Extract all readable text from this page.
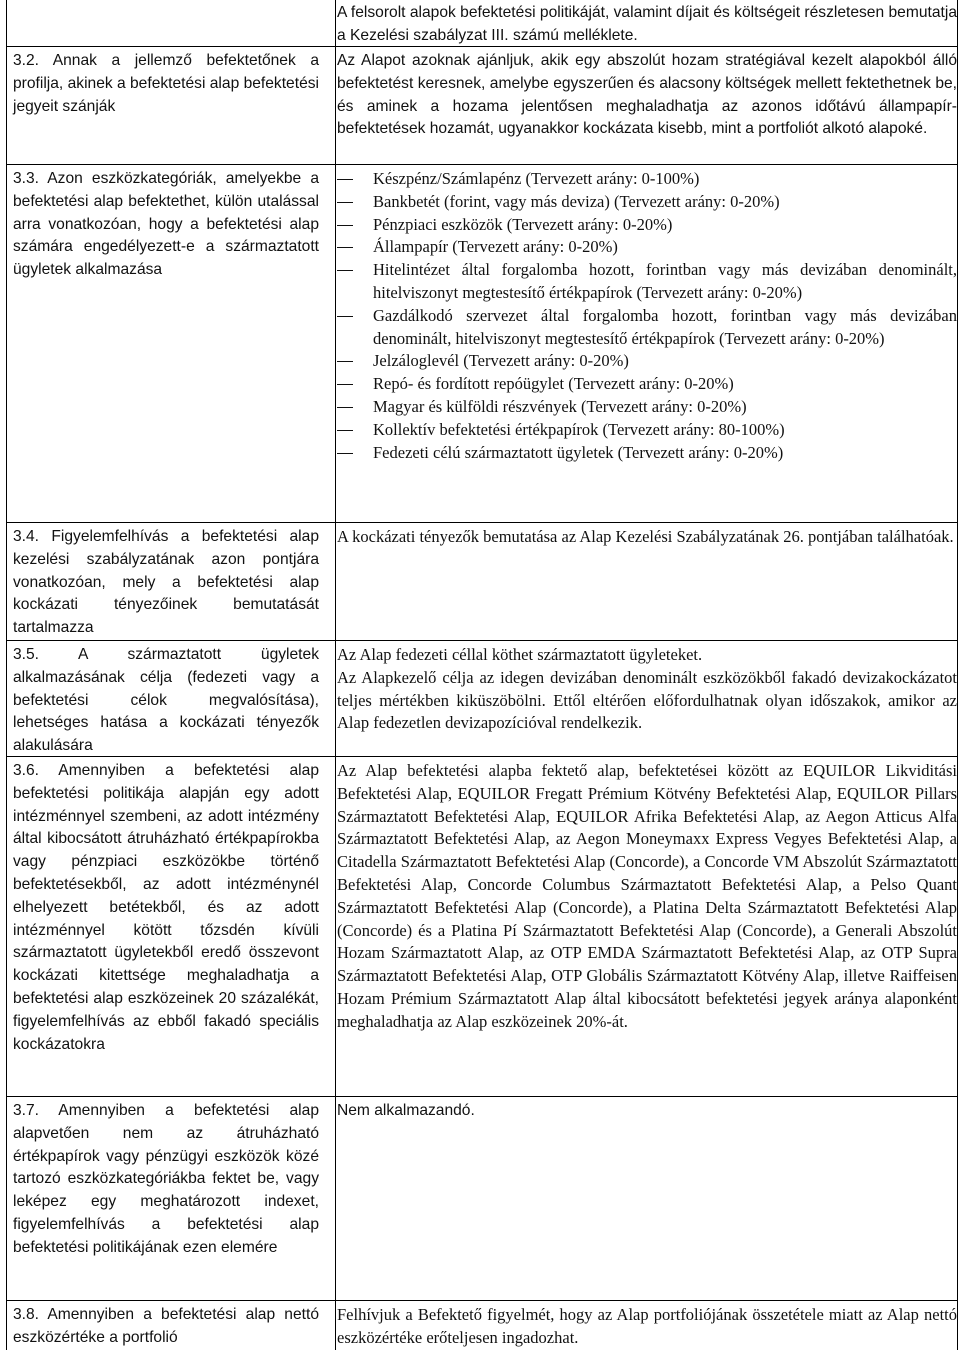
A felsorolt alapok befektetési politikáját, valamint díjait és költségeit részletesen bemutatja a Kezelési szabályzat III. számú melléklete.

3.2. Annak a jellemző befektetőnek a profilja, akinek a befektetési alap befektetési jegyeit szánják

Az Alapot azoknak ajánljuk, akik egy abszolút hozam stratégiával kezelt alapokból álló befektetést keresnek, amelybe egyszerűen és alacsony költségek mellett fektethetnek be, és aminek a hozama jelentősen meghaladhatja az azonos időtávú állampapír-befektetések hozamát, ugyanakkor kockázata kisebb, mint a portfoliót alkotó alapoké.

3.3. Azon eszközkategóriák, amelyekbe a befektetési alap befektethet, külön utalással arra vonatkozóan, hogy a befektetési alap számára engedélyezett-e a származtatott ügyletek alkalmazása
Készpénz/Számlapénz (Tervezett arány: 0-100%)
Bankbetét (forint, vagy más deviza) (Tervezett arány: 0-20%)
Pénzpiaci eszközök (Tervezett arány: 0-20%)
Állampapír (Tervezett arány: 0-20%)
Hitelintézet által forgalomba hozott, forintban vagy más devizában denominált, hitelviszonyt megtestesítő értékpapírok (Tervezett arány: 0-20%)
Gazdálkodó szervezet által forgalomba hozott, forintban vagy más devizában denominált, hitelviszonyt megtestesítő értékpapírok (Tervezett arány: 0-20%)
Jelzáloglevél (Tervezett arány: 0-20%)
Repó- és fordított repóügylet (Tervezett arány: 0-20%)
Magyar és külföldi részvények (Tervezett arány: 0-20%)
Kollektív befektetési értékpapírok (Tervezett arány: 80-100%)
Fedezeti célú származtatott ügyletek (Tervezett arány: 0-20%)
3.4. Figyelemfelhívás a befektetési alap kezelési szabályzatának azon pontjára vonatkozóan, mely a befektetési alap kockázati tényezőinek bemutatását tartalmazza

A kockázati tényezők bemutatása az Alap Kezelési Szabályzatának 26. pontjában találhatóak.

3.5. A származtatott ügyletek alkalmazásának célja (fedezeti vagy a befektetési célok megvalósítása), lehetséges hatása a kockázati tényezők alakulására

Az Alap fedezeti céllal köthet származtatott ügyleteket.

Az Alapkezelő célja az idegen devizában denominált eszközökből fakadó devizakockázatot teljes mértékben kiküszöbölni. Ettől eltérően előfordulhatnak olyan időszakok, amikor az Alap fedezetlen devizapozícióval rendelkezik.

3.6. Amennyiben a befektetési alap befektetési politikája alapján egy adott intézménnyel szembeni, az adott intézmény által kibocsátott átruházható értékpapírokba vagy pénzpiaci eszközökbe történő befektetésekből, az adott intézménynél elhelyezett betétekből, és az adott intézménnyel kötött tőzsdén kívüli származtatott ügyletekből eredő összevont kockázati kitettsége meghaladhatja a befektetési alap eszközeinek 20 százalékát, figyelemfelhívás az ebből fakadó speciális kockázatokra

Az Alap befektetési alapba fektető alap, befektetései között az EQUILOR Likviditási Befektetési Alap, EQUILOR Fregatt Prémium Kötvény Befektetési Alap, EQUILOR Pillars Származtatott Befektetési Alap, EQUILOR Afrika Befektetési Alap, az Aegon Atticus Alfa Származtatott Befektetési Alap, az Aegon Moneymaxx Express Vegyes Befektetési Alap, a Citadella Származtatott Befektetési Alap (Concorde), a Concorde VM Abszolút Származtatott Befektetési Alap, Concorde Columbus Származtatott Befektetési Alap, a Pelso Quant Származtatott Befektetési Alap (Concorde), a Platina Delta Származtatott Befektetési Alap (Concorde) és a Platina Pí Származtatott Befektetési Alap (Concorde), a Generali Abszolút Hozam Származtatott Alap, az OTP EMDA Származtatott Befektetési Alap, az OTP Supra Származtatott Befektetési Alap, OTP Globális Származtatott Kötvény Alap, illetve Raiffeisen Hozam Prémium Származtatott Alap által kibocsátott befektetési jegyek aránya alaponként meghaladhatja az Alap eszközeinek 20%-át.

3.7. Amennyiben a befektetési alap alapvetően nem az átruházható értékpapírok vagy pénzügyi eszközök közé tartozó eszközkategóriákba fektet be, vagy leképez egy meghatározott indexet, figyelemfelhívás a befektetési alap befektetési politikájának ezen elemére

Nem alkalmazandó.

3.8. Amennyiben a befektetési alap nettó eszközértéke a portfolió

Felhívjuk a Befektető figyelmét, hogy az Alap portfoliójának összetétele miatt az Alap nettó eszközértéke erőteljesen ingadozhat.
